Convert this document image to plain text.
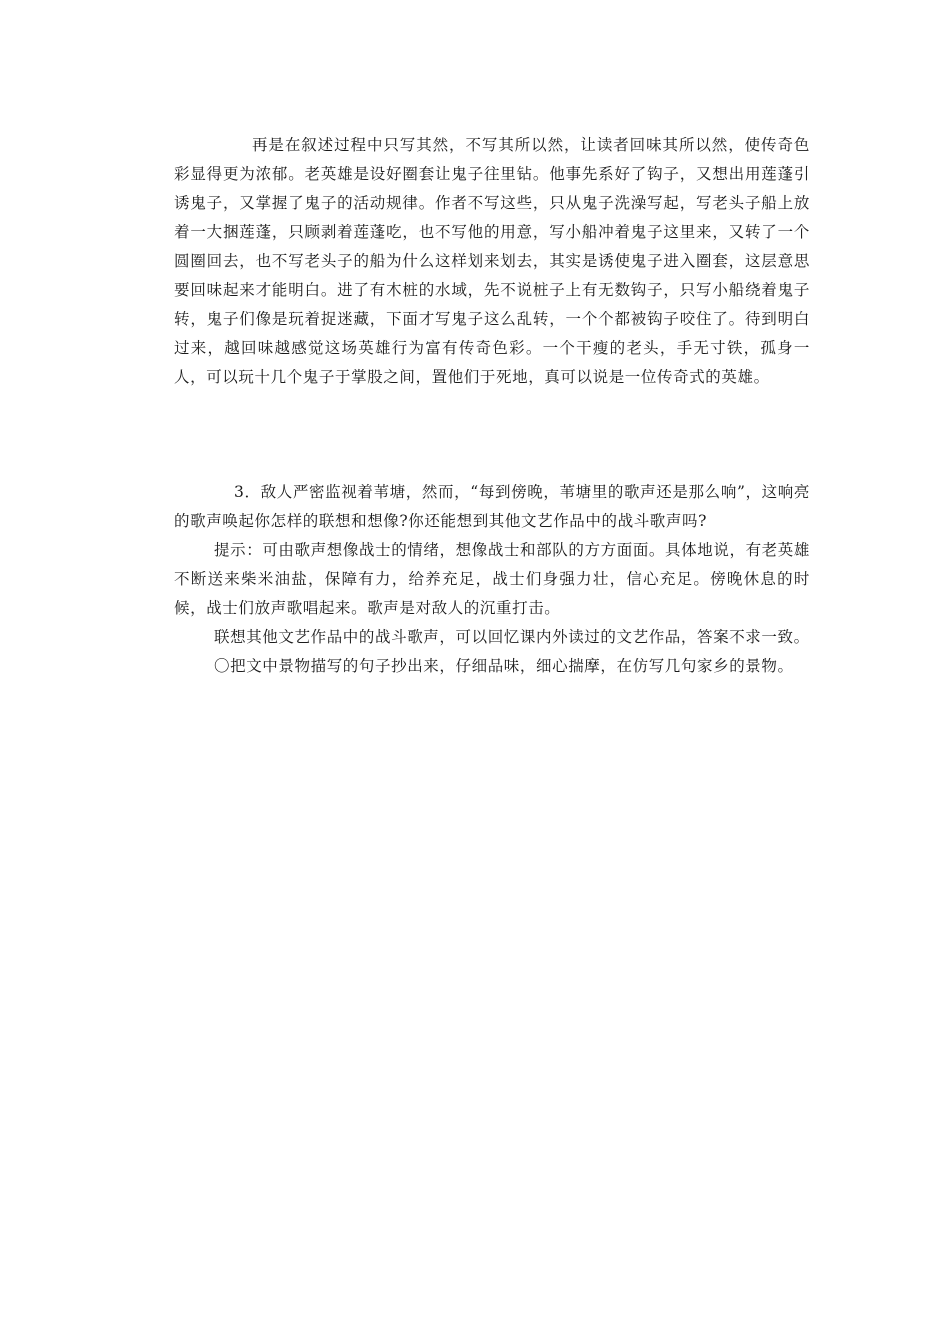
再是在叙述过程中只写其然，不写其所以然，让读者回味其所以然，使传奇色彩显得更为浓郁。老英雄是设好圈套让鬼子往里钻。他事先系好了钩子，又想出用莲蓬引诱鬼子，又掌握了鬼子的活动规律。作者不写这些，只从鬼子洗澡写起，写老头子船上放着一大捆莲蓬，只顾剥着莲蓬吃，也不写他的用意，写小船冲着鬼子这里来，又转了一个圆圈回去，也不写老头子的船为什么这样划来划去，其实是诱使鬼子进入圈套，这层意思要回味起来才能明白。进了有木桩的水域，先不说桩子上有无数钩子，只写小船绕着鬼子转，鬼子们像是玩着捉迷藏，下面才写鬼子这么乱转，一个个都被钩子咬住了。待到明白过来，越回味越感觉这场英雄行为富有传奇色彩。一个干瘦的老头，手无寸铁，孤身一人，可以玩十几个鬼子于掌股之间，置他们于死地，真可以说是一位传奇式的英雄。

3．敌人严密监视着苇塘，然而，“每到傍晚，苇塘里的歌声还是那么响”，这响亮的歌声唤起你怎样的联想和想像?你还能想到其他文艺作品中的战斗歌声吗?

提示：可由歌声想像战士的情绪，想像战士和部队的方方面面。具体地说，有老英雄不断送来柴米油盐，保障有力，给养充足，战士们身强力壮，信心充足。傍晚休息的时候，战士们放声歌唱起来。歌声是对敌人的沉重打击。

联想其他文艺作品中的战斗歌声，可以回忆课内外读过的文艺作品，答案不求一致。

〇把文中景物描写的句子抄出来，仔细品味，细心揣摩，在仿写几句家乡的景物。
